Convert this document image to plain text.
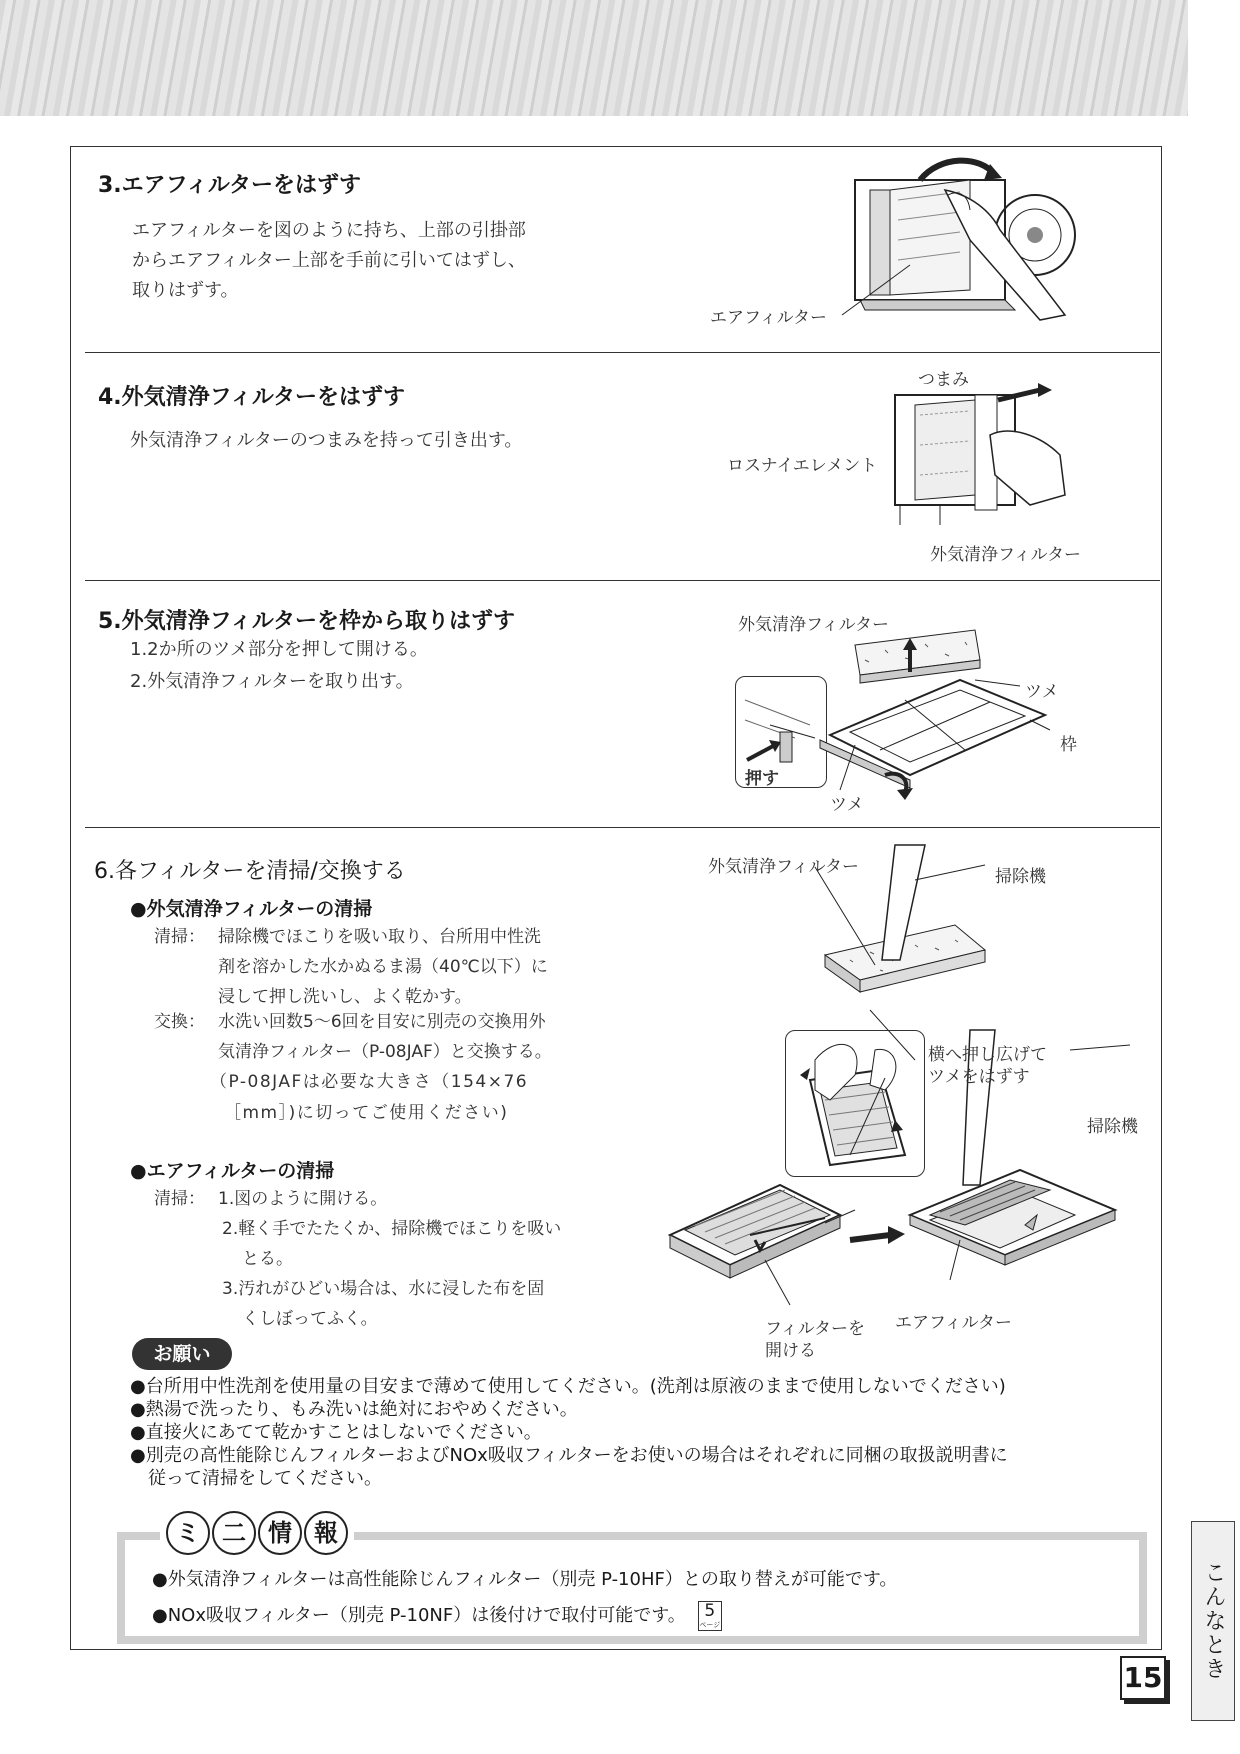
3.エアフィルターをはずす
エアフィルターを図のように持ち、上部の引掛部
からエアフィルター上部を手前に引いてはずし、
取りはずす。
エアフィルター
4.外気清浄フィルターをはずす
外気清浄フィルターのつまみを持って引き出す。
つまみ
ロスナイエレメント
外気清浄フィルター
5.外気清浄フィルターを枠から取りはずす
1.2か所のツメ部分を押して開ける。
2.外気清浄フィルターを取り出す。
外気清浄フィルター
ツメ
枠
押す
ツメ
6.各フィルターを清掃/交換する
●外気清浄フィルターの清掃
清掃： 掃除機でほこりを吸い取り、台所用中性洗
剤を溶かした水かぬるま湯（40℃以下）に
浸して押し洗いし、よく乾かす。
交換： 水洗い回数5～6回を目安に別売の交換用外
気清浄フィルター（P-08JAF）と交換する。
（P-08JAFは必要な大きさ（154×76
［mm］)に切ってご使用ください)
●エアフィルターの清掃
清掃： 1.図のように開ける。
2.軽く手でたたくか、掃除機でほこりを吸い
とる。
3.汚れがひどい場合は、水に浸した布を固
くしぼってふく。
外気清浄フィルター	掃除機
横へ押し広げて
ツメをはずす
掃除機
フィルターを
開ける
エアフィルター
お願い
●台所用中性洗剤を使用量の目安まで薄めて使用してください。(洗剤は原液のままで使用しないでください)
●熱湯で洗ったり、もみ洗いは絶対におやめください。
●直接火にあてて乾かすことはしないでください。
●別売の高性能除じんフィルターおよびNOx吸収フィルターをお使いの場合はそれぞれに同梱の取扱説明書に
　従って清掃をしてください。
ミ 二 情 報
●外気清浄フィルターは高性能除じんフィルター（別売 P-10HF）との取り替えが可能です。
●NOx吸収フィルター（別売 P-10NF）は後付けで取付可能です。 5
ページ	こんなとき
15
